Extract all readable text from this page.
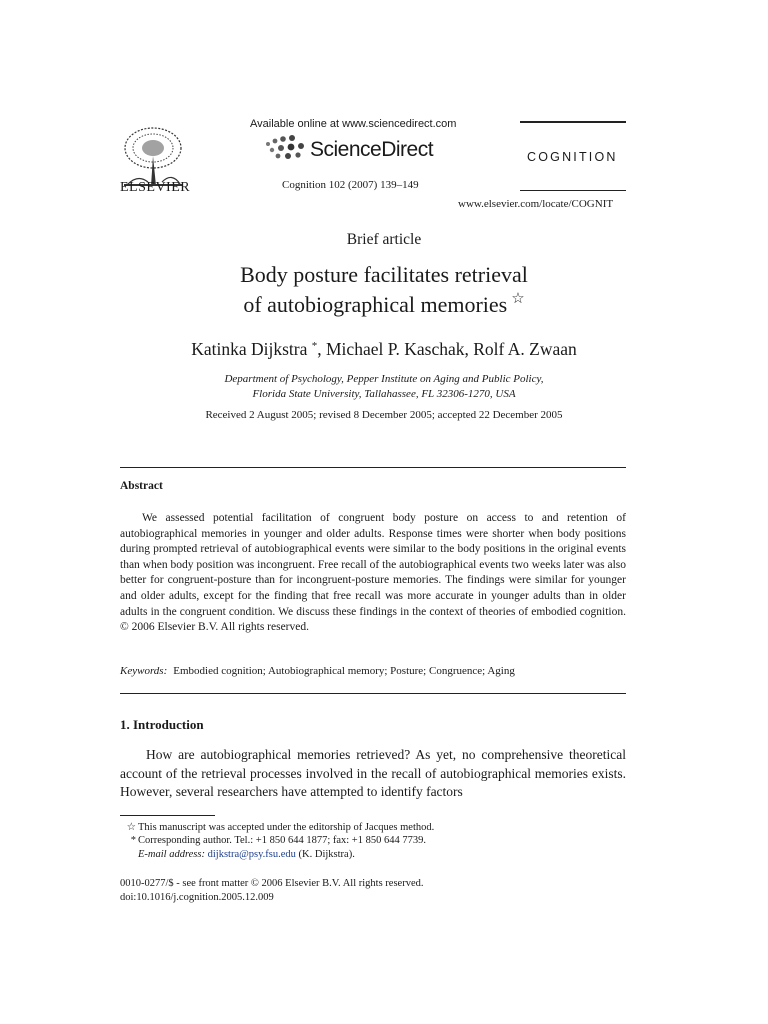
ELSEVIER
Available online at www.sciencedirect.com
ScienceDirect
Cognition 102 (2007) 139–149
COGNITION
www.elsevier.com/locate/COGNIT
Brief article
Body posture facilitates retrieval
of autobiographical memories ☆
Katinka Dijkstra *, Michael P. Kaschak, Rolf A. Zwaan
Department of Psychology, Pepper Institute on Aging and Public Policy,
Florida State University, Tallahassee, FL 32306-1270, USA
Received 2 August 2005; revised 8 December 2005; accepted 22 December 2005
Abstract
We assessed potential facilitation of congruent body posture on access to and retention of autobiographical memories in younger and older adults. Response times were shorter when body positions during prompted retrieval of autobiographical events were similar to the body positions in the original events than when body position was incongruent. Free recall of the autobiographical events two weeks later was also better for congruent-posture than for incongruent-posture memories. The findings were similar for younger and older adults, except for the finding that free recall was more accurate in younger adults than in older adults in the congruent condition. We discuss these findings in the context of theories of embodied cognition. © 2006 Elsevier B.V. All rights reserved.
Keywords: Embodied cognition; Autobiographical memory; Posture; Congruence; Aging
1. Introduction
How are autobiographical memories retrieved? As yet, no comprehensive theoretical account of the retrieval processes involved in the recall of autobiographical memories exists. However, several researchers have attempted to identify factors
☆ This manuscript was accepted under the editorship of Jacques method.
* Corresponding author. Tel.: +1 850 644 1877; fax: +1 850 644 7739.
E-mail address: dijkstra@psy.fsu.edu (K. Dijkstra).
0010-0277/$ - see front matter © 2006 Elsevier B.V. All rights reserved.
doi:10.1016/j.cognition.2005.12.009
